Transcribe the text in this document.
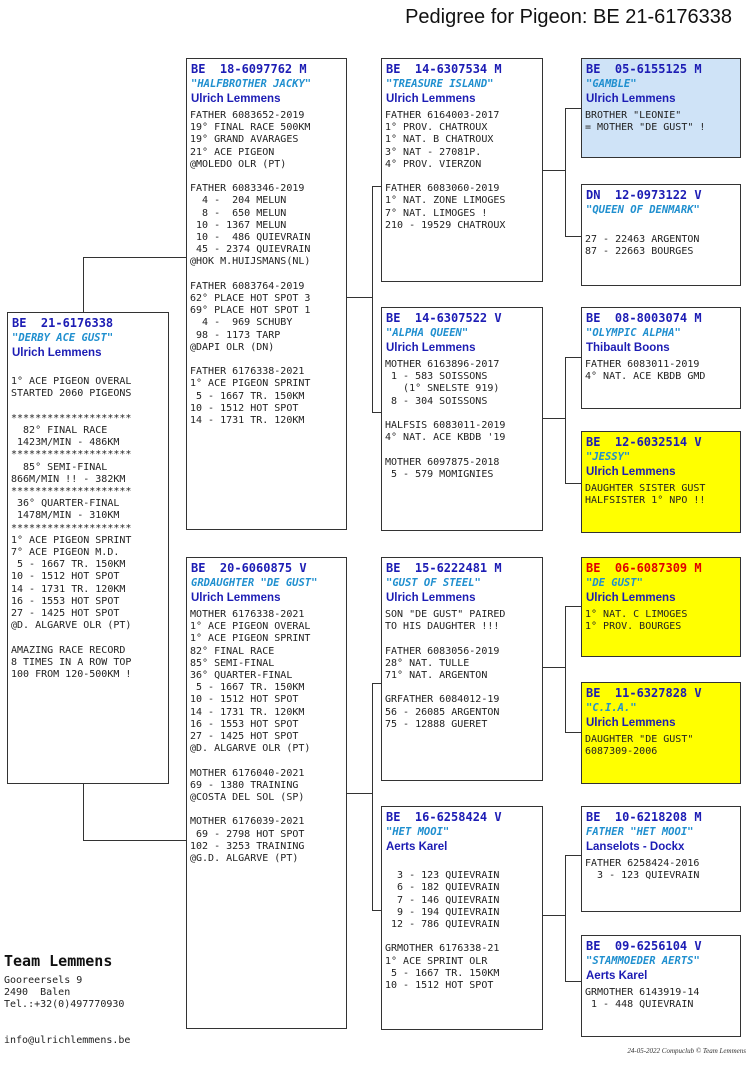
Pedigree for Pigeon: BE 21-6176338
BE  21-6176338
"DERBY ACE GUST"
Ulrich Lemmens

1° ACE PIGEON OVERAL
STARTED 2060 PIGEONS

********************
82° FINAL RACE
1423M/MIN - 486KM
********************
85° SEMI-FINAL
866M/MIN !! - 382KM
********************
36° QUARTER-FINAL
1478M/MIN - 310KM
********************
1° ACE PIGEON SPRINT
7° ACE PIGEON M.D.
5 - 1667 TR. 150KM
10 - 1512 HOT SPOT
14 - 1731 TR. 120KM
16 - 1553 HOT SPOT
27 - 1425 HOT SPOT
@D. ALGARVE OLR (PT)

AMAZING RACE RECORD
8 TIMES IN A ROW TOP
100 FROM 120-500KM !
BE  18-6097762 M
"HALFBROTHER JACKY"
Ulrich Lemmens
FATHER 6083652-2019
19° FINAL RACE 500KM
19° GRAND AVARAGES
21° ACE PIGEON
@MOLEDO OLR (PT)

FATHER 6083346-2019
4 -  204 MELUN
8 -  650 MELUN
10 - 1367 MELUN
10 -  486 QUIEVRAIN
45 - 2374 QUIEVRAIN
@HOK M.HUIJSMANS(NL)

FATHER 6083764-2019
62° PLACE HOT SPOT 3
69° PLACE HOT SPOT 1
4 -  969 SCHUBY
98 - 1173 TARP
@DAPI OLR (DN)

FATHER 6176338-2021
1° ACE PIGEON SPRINT
5 - 1667 TR. 150KM
10 - 1512 HOT SPOT
14 - 1731 TR. 120KM
BE  20-6060875 V
GRDAUGHTER "DE GUST"
Ulrich Lemmens
MOTHER 6176338-2021
1° ACE PIGEON OVERAL
1° ACE PIGEON SPRINT
82° FINAL RACE
85° SEMI-FINAL
36° QUARTER-FINAL
5 - 1667 TR. 150KM
10 - 1512 HOT SPOT
14 - 1731 TR. 120KM
16 - 1553 HOT SPOT
27 - 1425 HOT SPOT
@D. ALGARVE OLR (PT)

MOTHER 6176040-2021
69 - 1380 TRAINING
@COSTA DEL SOL (SP)

MOTHER 6176039-2021
69 - 2798 HOT SPOT
102 - 3253 TRAINING
@G.D. ALGARVE (PT)
BE  14-6307534 M
"TREASURE ISLAND"
Ulrich Lemmens
FATHER 6164003-2017
1° PROV. CHATROUX
1° NAT. B CHATROUX
3° NAT - 27081P.
4° PROV. VIERZON

FATHER 6083060-2019
1° NAT. ZONE LIMOGES
7° NAT. LIMOGES !
210 - 19529 CHATROUX
BE  14-6307522 V
"ALPHA QUEEN"
Ulrich Lemmens
MOTHER 6163896-2017
1 - 583 SOISSONS
(1° SNELSTE 919)
8 - 304 SOISSONS

HALFSIS 6083011-2019
4° NAT. ACE KBDB '19

MOTHER 6097875-2018
5 - 579 MOMIGNIES
BE  15-6222481 M
"GUST OF STEEL"
Ulrich Lemmens
SON "DE GUST" PAIRED
TO HIS DAUGHTER !!!

FATHER 6083056-2019
28° NAT. TULLE
71° NAT. ARGENTON

GRFATHER 6084012-19
56 - 26085 ARGENTON
75 - 12888 GUERET
BE  16-6258424 V
"HET MOOI"
Aerts Karel

3 - 123 QUIEVRAIN
6 - 182 QUIEVRAIN
7 - 146 QUIEVRAIN
9 - 194 QUIEVRAIN
12 - 786 QUIEVRAIN

GRMOTHER 6176338-21
1° ACE SPRINT OLR
5 - 1667 TR. 150KM
10 - 1512 HOT SPOT
BE  05-6155125 M
"GAMBLE"
Ulrich Lemmens
BROTHER "LEONIE"
= MOTHER "DE GUST" !
DN  12-0973122 V
"QUEEN OF DENMARK"

27 - 22463 ARGENTON
87 - 22663 BOURGES
BE  08-8003074 M
"OLYMPIC ALPHA"
Thibault Boons
FATHER 6083011-2019
4° NAT. ACE KBDB GMD
BE  12-6032514 V
"JESSY"
Ulrich Lemmens
DAUGHTER SISTER GUST
HALFSISTER 1° NPO !!
BE  06-6087309 M
"DE GUST"
Ulrich Lemmens
1° NAT. C LIMOGES
1° PROV. BOURGES
BE  11-6327828 V
"C.I.A."
Ulrich Lemmens
DAUGHTER "DE GUST"
6087309-2006
BE  10-6218208 M
FATHER "HET MOOI"
Lanselots - Dockx
FATHER 6258424-2016
3 - 123 QUIEVRAIN
BE  09-6256104 V
"STAMMOEDER AERTS"
Aerts Karel
GRMOTHER 6143919-14
1 - 448 QUIEVRAIN
Team Lemmens
Gooreersels 9
2490  Balen
Tel.:+32(0)497770930
info@ulrichlemmens.be
24-05-2022 Compuclub © Team Lemmens
